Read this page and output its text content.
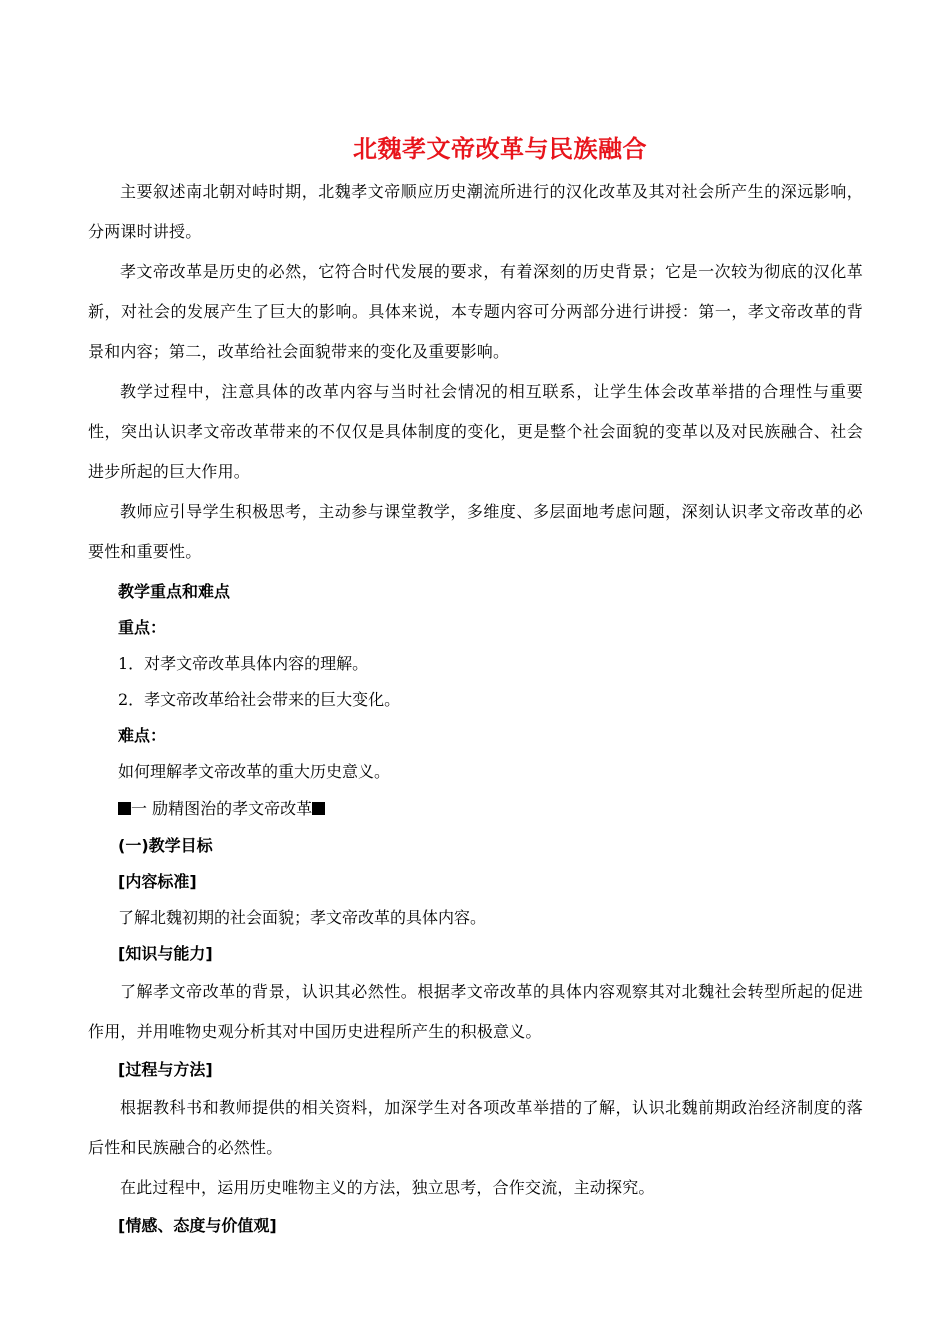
北魏孝文帝改革与民族融合

主要叙述南北朝对峙时期，北魏孝文帝顺应历史潮流所进行的汉化改革及其对社会所产生的深远影响，分两课时讲授。

孝文帝改革是历史的必然，它符合时代发展的要求，有着深刻的历史背景；它是一次较为彻底的汉化革新，对社会的发展产生了巨大的影响。具体来说，本专题内容可分两部分进行讲授：第一，孝文帝改革的背景和内容；第二，改革给社会面貌带来的变化及重要影响。

教学过程中，注意具体的改革内容与当时社会情况的相互联系，让学生体会改革举措的合理性与重要性，突出认识孝文帝改革带来的不仅仅是具体制度的变化，更是整个社会面貌的变革以及对民族融合、社会进步所起的巨大作用。

教师应引导学生积极思考，主动参与课堂教学，多维度、多层面地考虑问题，深刻认识孝文帝改革的必要性和重要性。

教学重点和难点

重点：

1．对孝文帝改革具体内容的理解。

2．孝文帝改革给社会带来的巨大变化。

难点：

如何理解孝文帝改革的重大历史意义。

一 励精图治的孝文帝改革

(一)教学目标

[内容标准]

了解北魏初期的社会面貌；孝文帝改革的具体内容。

[知识与能力]

了解孝文帝改革的背景，认识其必然性。根据孝文帝改革的具体内容观察其对北魏社会转型所起的促进作用，并用唯物史观分析其对中国历史进程所产生的积极意义。

[过程与方法]

根据教科书和教师提供的相关资料，加深学生对各项改革举措的了解，认识北魏前期政治经济制度的落后性和民族融合的必然性。

在此过程中，运用历史唯物主义的方法，独立思考，合作交流，主动探究。

[情感、态度与价值观]
